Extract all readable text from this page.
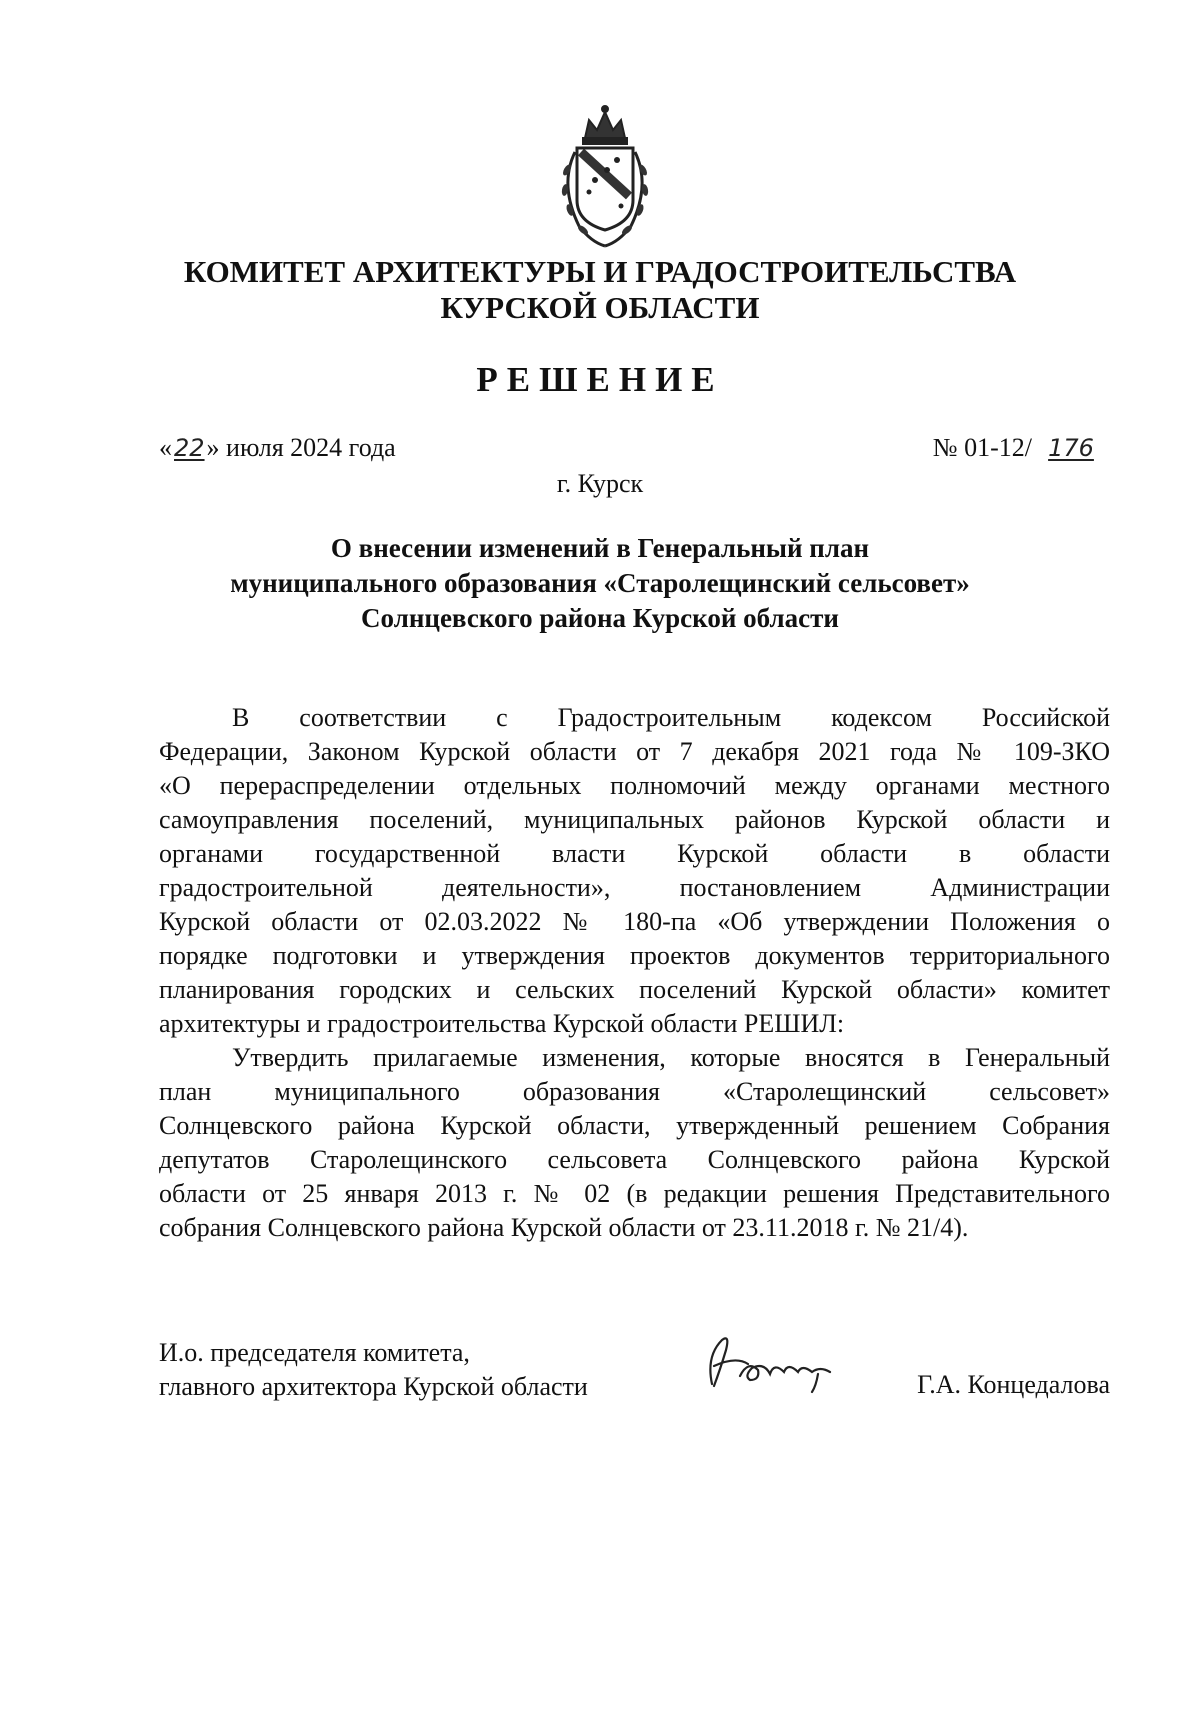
КОМИТЕТ АРХИТЕКТУРЫ И ГРАДОСТРОИТЕЛЬСТВА
КУРСКОЙ ОБЛАСТИ
РЕШЕНИЕ
«22» июля 2024 года	№ 01-12/ 176
г. Курск
О внесении изменений в Генеральный план
муниципального образования «Старолещинский сельсовет»
Солнцевского района Курской области
В соответствии с Градостроительным кодексом Российской
Федерации, Законом Курской области от 7 декабря 2021 года № 109-ЗКО
«О перераспределении отдельных полномочий между органами местного
самоуправления поселений, муниципальных районов Курской области и
органами государственной власти Курской области в области
градостроительной деятельности», постановлением Администрации
Курской области от 02.03.2022 № 180-па «Об утверждении Положения о
порядке подготовки и утверждения проектов документов территориального
планирования городских и сельских поселений Курской области» комитет
архитектуры и градостроительства Курской области РЕШИЛ:
Утвердить прилагаемые изменения, которые вносятся в Генеральный
план муниципального образования «Старолещинский сельсовет»
Солнцевского района Курской области, утвержденный решением Собрания
депутатов Старолещинского сельсовета Солнцевского района Курской
области от 25 января 2013 г. № 02 (в редакции решения Представительного
собрания Солнцевского района Курской области от 23.11.2018 г. № 21/4).
И.о. председателя комитета,
главного архитектора Курской области	Г.А. Концедалова
